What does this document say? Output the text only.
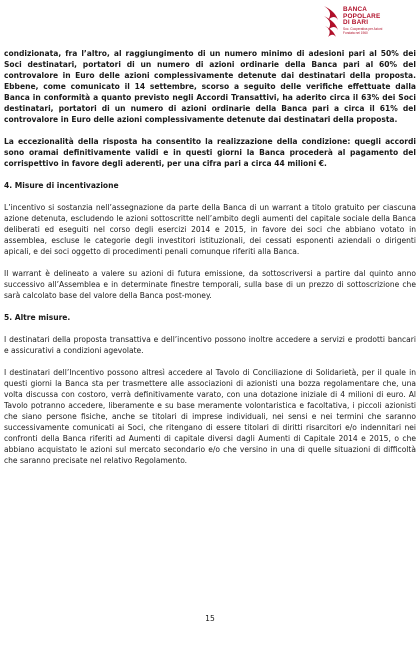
BANCA
POPOLARE
DI BARI
Soc. Cooperativa per Azioni
Fondata nel 1960

condizionata, fra l’altro, al raggiungimento di un numero minimo di adesioni pari al 50% dei Soci destinatari, portatori di un numero di azioni ordinarie della Banca pari al 60% del controvalore in Euro delle azioni complessivamente detenute dai destinatari della proposta. Ebbene, come comunicato il 14 settembre, scorso a seguito delle verifiche effettuate dalla Banca in conformità a quanto previsto negli Accordi Transattivi, ha aderito circa il 63% dei Soci destinatari, portatori di un numero di azioni ordinarie della Banca pari a circa il 61% del controvalore in Euro delle azioni complessivamente detenute dai destinatari della proposta.

La eccezionalità della risposta ha consentito la realizzazione della condizione: quegli accordi sono oramai definitivamente validi e in questi giorni la Banca procederà al pagamento del corrispettivo in favore degli aderenti, per una cifra pari a circa 44 milioni €.

4. Misure di incentivazione

L’incentivo si sostanzia nell’assegnazione da parte della Banca di un warrant a titolo gratuito per ciascuna azione detenuta, escludendo le azioni sottoscritte nell’ambito degli aumenti del capitale sociale della Banca deliberati ed eseguiti nel corso degli esercizi 2014 e 2015, in favore dei soci che abbiano votato in assemblea, escluse le categorie degli investitori istituzionali, dei cessati esponenti aziendali o dirigenti apicali, e dei soci oggetto di procedimenti penali comunque riferiti alla Banca.

Il warrant è delineato a valere su azioni di futura emissione, da sottoscriversi a partire dal quinto anno successivo all’Assemblea e in determinate finestre temporali, sulla base di un prezzo di sottoscrizione che sarà calcolato base del valore della Banca post-money.

5. Altre misure.

I destinatari della proposta transattiva e dell’incentivo possono inoltre accedere a servizi e prodotti bancari e assicurativi a condizioni agevolate.

I destinatari dell’Incentivo possono altresì accedere al Tavolo di Conciliazione di Solidarietà, per il quale in questi giorni la Banca sta per trasmettere alle associazioni di azionisti una bozza regolamentare che, una volta discussa con costoro, verrà definitivamente varato, con una dotazione iniziale di 4 milioni di euro. Al Tavolo potranno accedere, liberamente e su base meramente volontaristica e facoltativa, i piccoli azionisti che siano persone fisiche, anche se titolari di imprese individuali, nei sensi e nei termini che saranno successivamente comunicati ai Soci, che ritengano di essere titolari di diritti risarcitori e/o indennitari nei confronti della Banca riferiti ad Aumenti di capitale diversi dagli Aumenti di Capitale 2014 e 2015, o che abbiano acquistato le azioni sul mercato secondario e/o che versino in una di quelle situazioni di difficoltà che saranno precisate nel relativo Regolamento.

15
